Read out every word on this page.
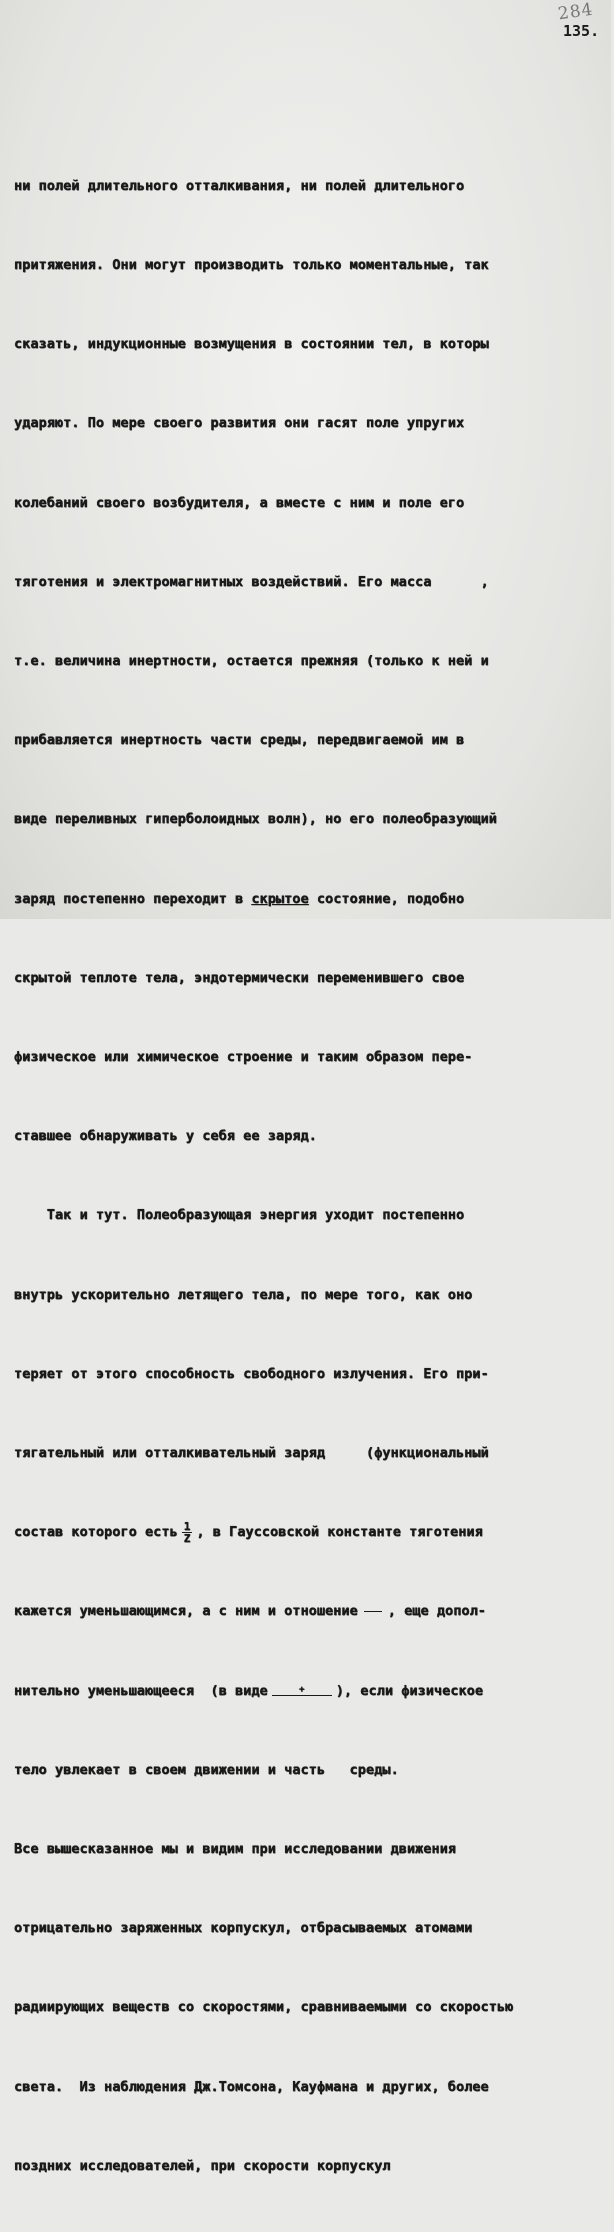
284
135.

ни полей длительного отталкивания, ни полей длительного

притяжения. Они могут производить только моментальные, так

сказать, индукционные возмущения в состоянии тел, в которы

ударяют. По мере своего развития они гасят поле упругих

колебаний своего возбудителя, а вместе с ним и поле его

тяготения и электромагнитных воздействий. Его масса      ,

т.е. величина инертности, остается прежняя (только к ней и

прибавляется инертность части среды, передвигаемой им в

виде переливных гиперболоидных волн), но его полеобразующий

заряд постепенно переходит в скрытое состояние, подобно

скрытой теплоте тела, эндотермически переменившего свое

физическое или химическое строение и таким образом пере-

ставшее обнаруживать у себя ее заряд.

Так и тут. Полеобразующая энергия уходит постепенно

внутрь ускорительно летящего тела, по мере того, как оно

теряет от этого способность свободного излучения. Его при-

тягательный или отталкивательный заряд     (функциональный

состав которого есть $\frac{1}{Z}$ , в Гауссовской константе тяготения

кажется уменьшающимся, а с ним и отношение , еще допол-

нительно уменьшающееся  (в виде	+ ), если физическое

тело увлекает в своем движении и часть   среды.

Все вышесказанное мы и видим при исследовании движения

отрицательно заряженных корпускул, отбрасываемых атомами

радиирующих веществ со скоростями, сравниваемыми со скоростью

света.  Из наблюдения Дж.Томсона, Кауфмана и других, более

поздних исследователей, при скорости корпускул
